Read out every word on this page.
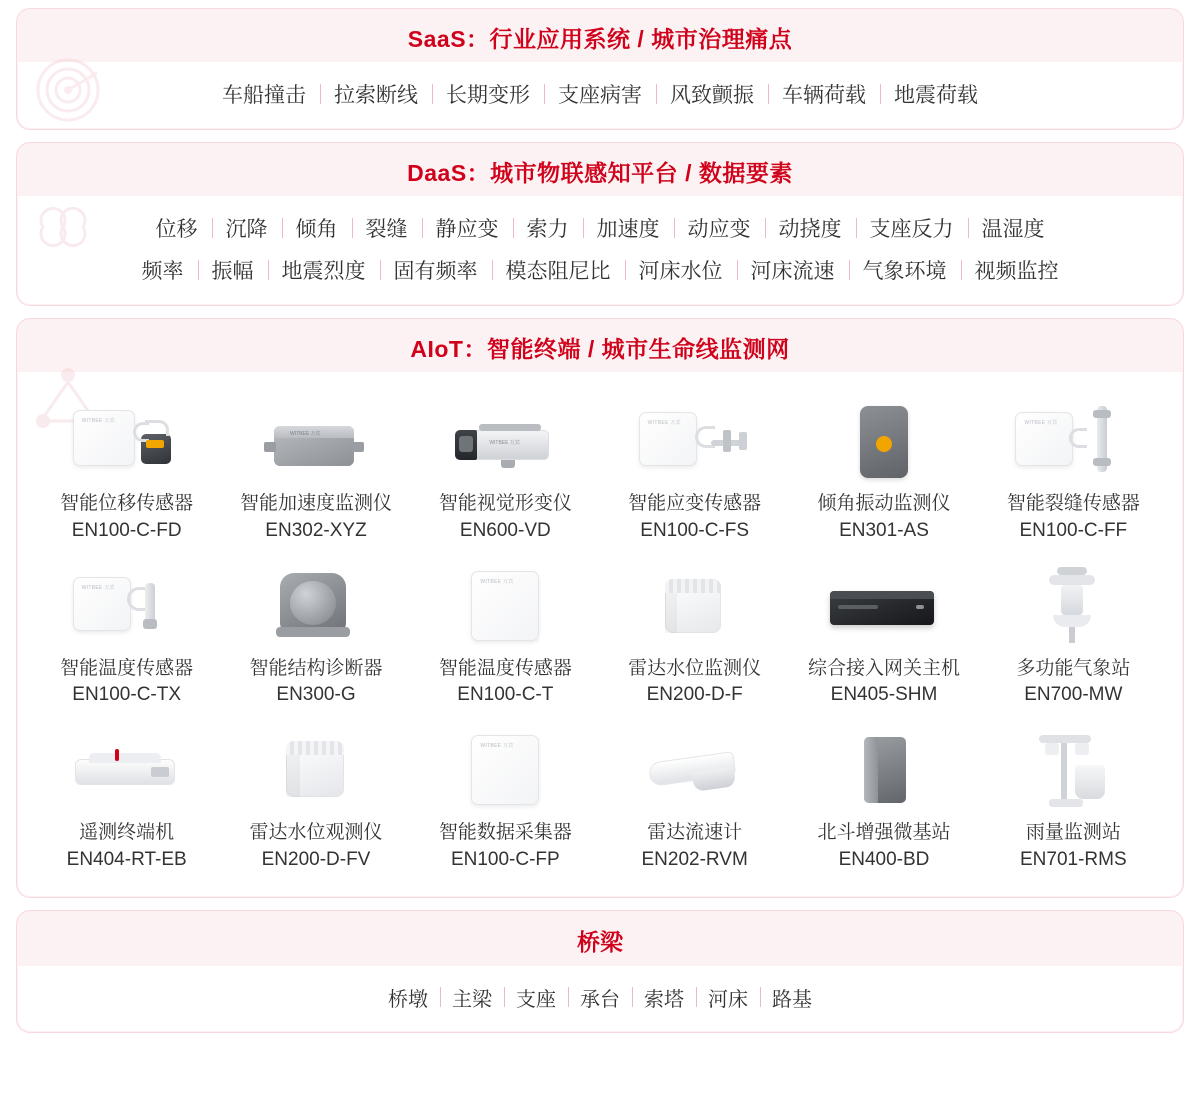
SaaS：行业应用系统 / 城市治理痛点
车船撞击	拉索断线	长期变形	支座病害	风致颤振	车辆荷载	地震荷载
DaaS：城市物联感知平台 / 数据要素
位移	沉降	倾角	裂缝	静应变	索力	加速度	动应变	动挠度	支座反力	温湿度
频率	振幅	地震烈度	固有频率	模态阻尼比	河床水位	河床流速	气象环境	视频监控
AIoT：智能终端 / 城市生命线监测网
WITBEE 万宾
智能位移传感器
EN100-C-FD
WITBEE 万宾
智能加速度监测仪
EN302-XYZ
WITBEE 万宾
智能视觉形变仪
EN600-VD
WITBEE 万宾
智能应变传感器
EN100-C-FS
倾角振动监测仪
EN301-AS
WITBEE 万宾
智能裂缝传感器
EN100-C-FF
WITBEE 万宾
智能温度传感器
EN100-C-TX
智能结构诊断器
EN300-G
WITBEE 万宾
智能温度传感器
EN100-C-T
雷达水位监测仪
EN200-D-F
综合接入网关主机
EN405-SHM
多功能气象站
EN700-MW
遥测终端机
EN404-RT-EB
雷达水位观测仪
EN200-D-FV
WITBEE 万宾
智能数据采集器
EN100-C-FP
雷达流速计
EN202-RVM
北斗增强微基站
EN400-BD
雨量监测站
EN701-RMS
桥梁
桥墩	主梁	支座	承台	索塔	河床	路基
